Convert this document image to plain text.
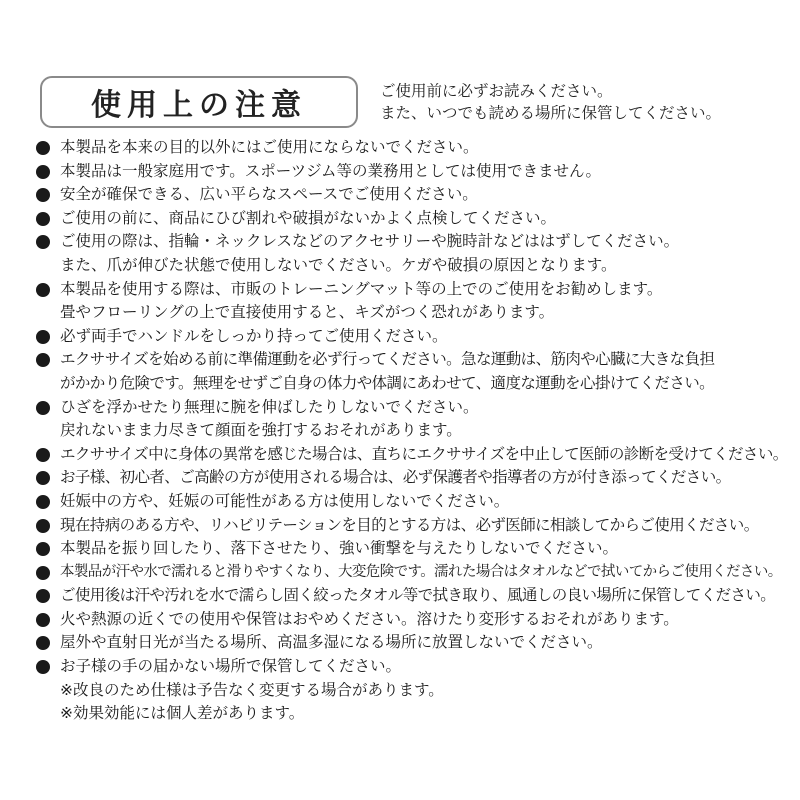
使用上の注意	ご使用前に必ずお読みください。
また、いつでも読める場所に保管してください。
本製品を本来の目的以外にはご使用にならないでください。
本製品は一般家庭用です。スポーツジム等の業務用としては使用できません。
安全が確保できる、広い平らなスペースでご使用ください。
ご使用の前に、商品にひび割れや破損がないかよく点検してください。
ご使用の際は、指輪・ネックレスなどのアクセサリーや腕時計などははずしてください。
また、爪が伸びた状態で使用しないでください。ケガや破損の原因となります。
本製品を使用する際は、市販のトレーニングマット等の上でのご使用をお勧めします。
畳やフローリングの上で直接使用すると、キズがつく恐れがあります。
必ず両手でハンドルをしっかり持ってご使用ください。
エクササイズを始める前に準備運動を必ず行ってください。急な運動は、筋肉や心臓に大きな負担
がかかり危険です。無理をせずご自身の体力や体調にあわせて、適度な運動を心掛けてください。
ひざを浮かせたり無理に腕を伸ばしたりしないでください。
戻れないまま力尽きて顔面を強打するおそれがあります。
エクササイズ中に身体の異常を感じた場合は、直ちにエクササイズを中止して医師の診断を受けてください。
お子様、初心者、ご高齢の方が使用される場合は、必ず保護者や指導者の方が付き添ってください。
妊娠中の方や、妊娠の可能性がある方は使用しないでください。
現在持病のある方や、リハビリテーションを目的とする方は、必ず医師に相談してからご使用ください。
本製品を振り回したり、落下させたり、強い衝撃を与えたりしないでください。
本製品が汗や水で濡れると滑りやすくなり、大変危険です。濡れた場合はタオルなどで拭いてからご使用ください。
ご使用後は汗や汚れを水で濡らし固く絞ったタオル等で拭き取り、風通しの良い場所に保管してください。
火や熱源の近くでの使用や保管はおやめください。溶けたり変形するおそれがあります。
屋外や直射日光が当たる場所、高温多湿になる場所に放置しないでください。
お子様の手の届かない場所で保管してください。
※改良のため仕様は予告なく変更する場合があります。
※効果効能には個人差があります。
